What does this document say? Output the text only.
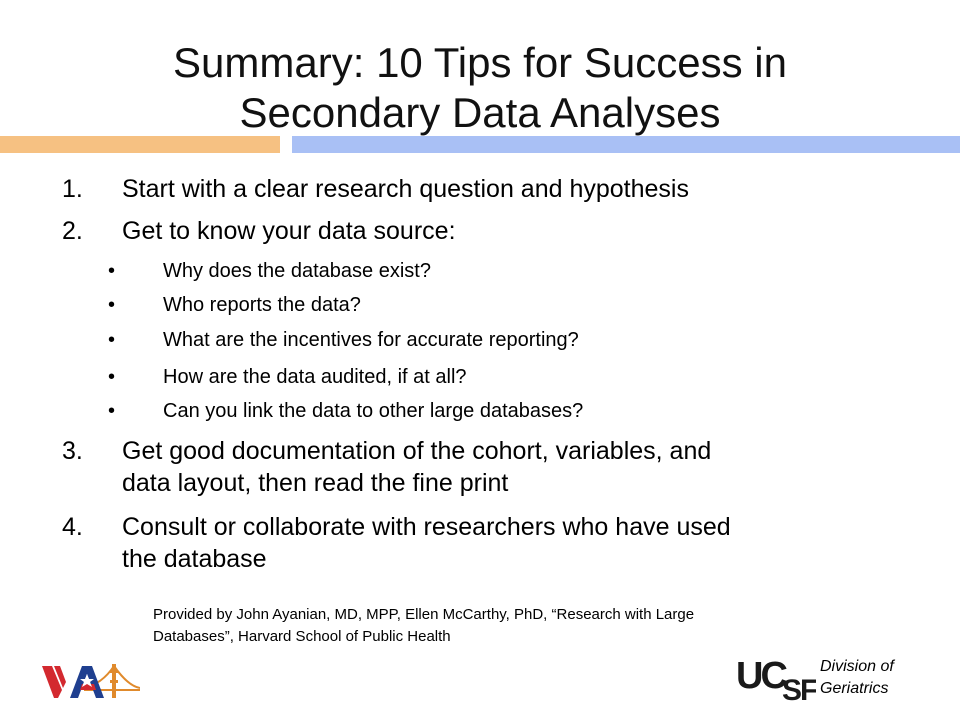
Summary: 10 Tips for Success in
Secondary Data Analyses
1. Start with a clear research question and hypothesis
2. Get to know your data source:
• Why does the database exist?
• Who reports the data?
• What are the incentives for accurate reporting?
• How are the data audited, if at all?
• Can you link the data to other large databases?
3. Get good documentation of the cohort, variables, and
data layout, then read the fine print
4. Consult or collaborate with researchers who have used
the database
Provided by John Ayanian, MD, MPP, Ellen McCarthy, PhD, “Research with Large
Databases”, Harvard School of Public Health
UC
SF
Division of
Geriatrics
